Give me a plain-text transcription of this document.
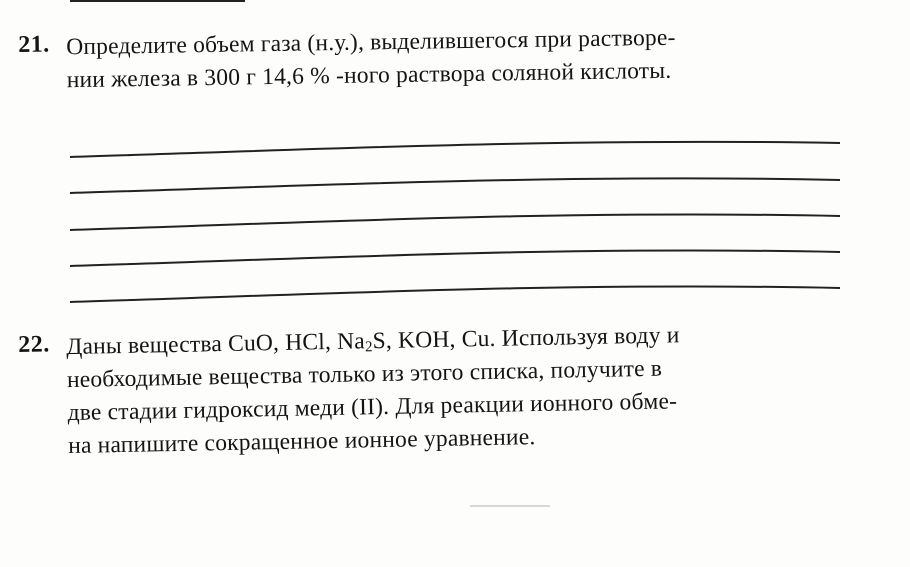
21. Определите объем газа (н.у.), выделившегося при растворе-
нии железа в 300 г 14,6 % -ного раствора соляной кислоты.
22. Даны вещества CuO, HCl, $Na_2S$, KOH, Cu. Используя воду и
необходимые вещества только из этого списка, получите в
две стадии гидроксид меди (II). Для реакции ионного обме-
на напишите сокращенное ионное уравнение.
